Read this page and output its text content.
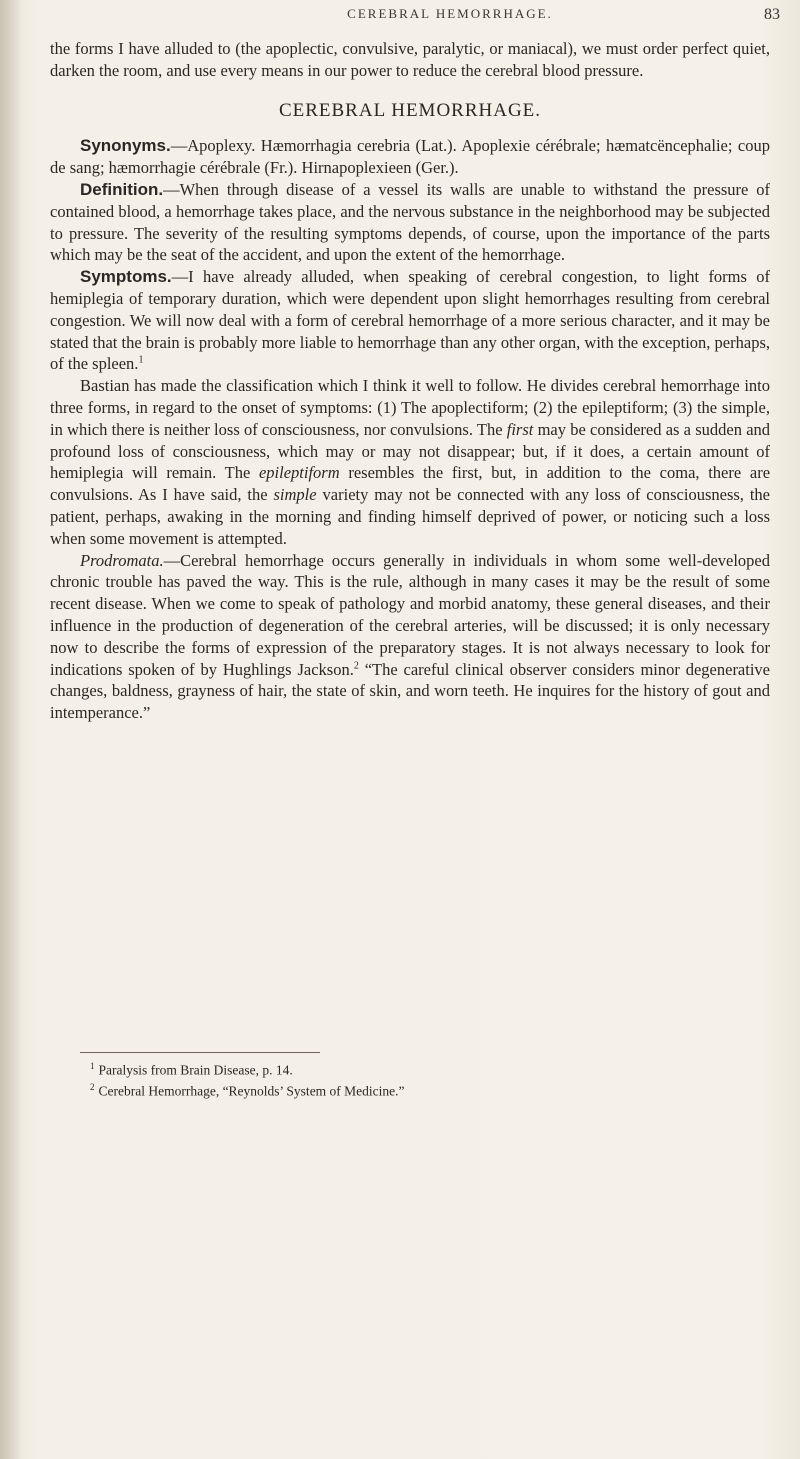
CEREBRAL HEMORRHAGE.	83

the forms I have alluded to (the apoplectic, convulsive, paralytic, or maniacal), we must order perfect quiet, darken the room, and use every means in our power to reduce the cerebral blood pressure.

CEREBRAL HEMORRHAGE.

Synonyms.—Apoplexy. Hæmorrhagia cerebria (Lat.). Apoplexie cérébrale; hæmatcëncephalie; coup de sang; hæmorrhagie cérébrale (Fr.). Hirnapoplexieen (Ger.).

Definition.—When through disease of a vessel its walls are unable to withstand the pressure of contained blood, a hemorrhage takes place, and the nervous substance in the neighborhood may be subjected to pressure. The severity of the resulting symptoms depends, of course, upon the importance of the parts which may be the seat of the accident, and upon the extent of the hemorrhage.

Symptoms.—I have already alluded, when speaking of cerebral congestion, to light forms of hemiplegia of temporary duration, which were dependent upon slight hemorrhages resulting from cerebral congestion. We will now deal with a form of cerebral hemorrhage of a more serious character, and it may be stated that the brain is probably more liable to hemorrhage than any other organ, with the exception, perhaps, of the spleen.$^1$

Bastian has made the classification which I think it well to follow. He divides cerebral hemorrhage into three forms, in regard to the onset of symptoms: (1) The apoplectiform; (2) the epileptiform; (3) the simple, in which there is neither loss of consciousness, nor convulsions. The first may be considered as a sudden and profound loss of consciousness, which may or may not disappear; but, if it does, a certain amount of hemiplegia will remain. The epileptiform resembles the first, but, in addition to the coma, there are convulsions. As I have said, the simple variety may not be connected with any loss of consciousness, the patient, perhaps, awaking in the morning and finding himself deprived of power, or noticing such a loss when some movement is attempted.

Prodromata.—Cerebral hemorrhage occurs generally in individuals in whom some well-developed chronic trouble has paved the way. This is the rule, although in many cases it may be the result of some recent disease. When we come to speak of pathology and morbid anatomy, these general diseases, and their influence in the production of degeneration of the cerebral arteries, will be discussed; it is only necessary now to describe the forms of expression of the preparatory stages. It is not always necessary to look for indications spoken of by Hughlings Jackson.$^2$ “The careful clinical observer considers minor degenerative changes, baldness, grayness of hair, the state of skin, and worn teeth. He inquires for the history of gout and intemperance.”

$^1$ Paralysis from Brain Disease, p. 14.
$^2$ Cerebral Hemorrhage, “Reynolds’ System of Medicine.”
